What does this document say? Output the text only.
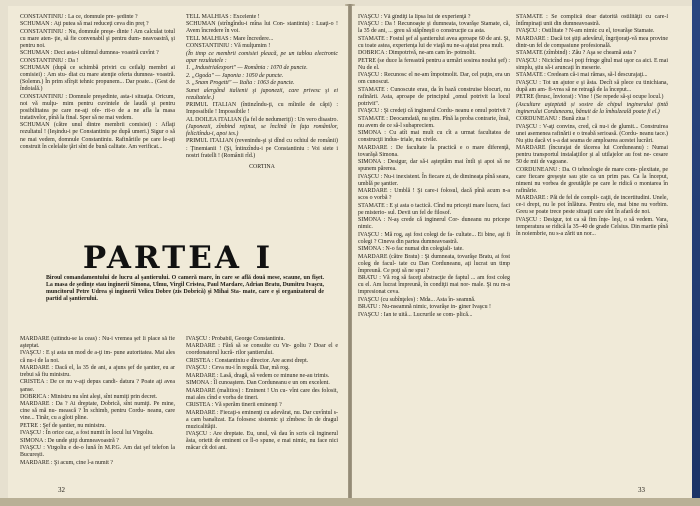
CONSTANTINIU : La ce, domnule pre- şedinte ?

SCHUMAN : Aţi putea să mai reduceţi ceva din preţ ?

CONSTANTINIU : Nu, domnule preşe- dinte ! Am calculat totul cu mare aten- ţie, să fie convenabil şi pentru dum- neavoastră, şi pentru noi.

SCHUMAN : Deci asta-i ultimul dumnea- voastră cuvînt ?

CONSTANTINIU : Da !

SCHUMAN (după ce schimbă priviri cu ceilalţi membri ai comisiei) : Am stu- diat cu mare atenţie oferta dumnea- voastră. (Solemn.) În prim sfîrşit tehnic propunem... Dar poate... (Gest de îndoială.)

CONSTANTINIU : Domnule preşedinte, asta-i situaţia. Oricum, noi vă mulţu- mim pentru cuvintele de laudă şi pentru posibilitatea pe care ne-aţi ofe- rit-o de a ne afla la masa tratativelor, pînă la final. Sper să ne mai vedem.

SCHUMAN (către unul dintre membrii comisiei) : Aflaţi rezultatul ! (Ieşindu-i pe Constantiniu pe după umeri.) Sigur o să ne mai vedem, domnule Constantiniu. Rafinăriile pe care le-aţi construit în celelalte ţări sînt de bună calitate. Am verificat...

TELL MALHIAS : Excelente !

SCHUMAN (strîngîndu-i mîna lui Con- stantiniu) : Luaţi-o ! Avem încredere în voi.

TELL MALHIAS : Mare încredere...

CONSTANTINIU : Vă mulţumim !

(În timp ce membrii comisiei pleacă, pe un tablou electronic apar rezultatele :

1. „Industrialexport" — România : 1070 de puncte.

2. „Ogoda" — Japonia : 1050 de puncte.

3. „Snam Progetti" — Italia : 1063 de puncte.

Sunet alergând italienii şi japonezii, care privesc şi ei rezultatele.)

PRIMUL ITALIAN (întinzîndu-ţi, cu mîinile de căpi) : Impossibile ! Impossibile !

AL DOILEA ITALIAN (la fel de nedumeriţi) : Un vero disastro.

(Japonezii, zîmbind reţinut, se înclină în faţa românilor, felicitîndu-i, apoi ies.)

PRIMUL ITALIAN (revenindu-şi şi dînd cu ochiul de românii) : Ţinemianii ! (Şi, întinzîndu-i pe Constantiniu : Voi siete i nostri fratelli ! (Românii rîd.)

CORTINA

PARTEA I
Biroul comandamentului de lucru al şantierului. O cameră mare, în care se află două mese, scaune, un fişet. La masa de şedinţe stau inginerii Simona, Ulmu, Virgil Cristea, Paul Mardare, Adrian Bratu, Dumitru Ivaşcu, muncitorul Petre Udrea şi inginerii Velicu Dobre (zis Dobricǎ) şi Mihai Sta- mate, care e şi organizatorul de partid al şantierului.

MARDARE (uitîndu-se la ceas) : Nu-i vremea şef li place să fie aşteptat.

IVAŞCU : E şi asta un mod de a-ţi im- pune autoritatea. Mai ales că nu-i de la noi.

MARDARE : Dacă el, la 35 de ani, a ajuns şef de şantier, eu ar trebui să fiu ministru.

CRISTEA : De ce nu v-aţi depus candi- datura ? Poate aţi avea şanse.

DOBRICA : Ministru nu sînt aleşi, sînt numiţi prin decret.

MARDARE : Da ? Ai dreptate, Dobrică, sînt numiţi. Pe mine, cine să mă nu- mească ? În schimb, pentru Cordu- neanu, care vine... Tinăr, cu a gloti pline.

PETRE : Şef de şantier, nu ministru.

IVAŞCU : În orice caz, a fost numit în locul lui Virgoliu.

SIMONA : De unde ştiţi dumneavoastră ?

IVAŞCU : Virgoliu e de-o lună în M.P.G. Am dat şef telefon la Bucureşti.

MARDARE : Şi acum, cine l-a numit ?

IVAŞCU : Probabil, George Constantiniu.

MARDARE : Fără să se consulte cu Vir- goliu ? Doar el e coordonatorul lucră- rilor şantierului.

CRISTEA : Constantiniu e director. Are acest drept.

IVAŞCU : Ceva nu-i în regulă. Dar, mă rog.

MARDARE : Lasă, dragă, să vedem ce minune ne-au trimis.

SIMONA : Îl cunoaştem. Dan Corduneanu e un om excelent.

MARDARE (malitios) : Eminent ! Un cu- vînt care des folosit, mai ales cînd e vorba de tineri.

CRISTEA : Vă sperăm tinerii eminenţi ?

MARDARE : Fiecaţi-s eminenţi cu adevărat, nu. Dar cuvîntul s-a cam banalizat. Ea folosesc sistemic şi zîmbesc în de dragul muzicalităţii.

IVAŞCU : Are dreptate. Eu, unul, vă dau în scris că inginerul ăsta, orietit de eminent ce îl-o spune, e mai nimic, nu face nici măcar cît doi ani.

32

IVAŞCU : Vă gîndiţi la lipsa lui de experienţă ?

IVAŞCU : Da ! Recunoaşte şi dumneata, tovarăşe Stamate, că, la 35 de ani, ... greu să stăpîneşti o construcţie ca asta.

STAMATE : Fostul şef al şantierului avea aproape 60 de ani. Şi, cu toate astea, experienţa lui de viaţă nu ne-a ajutat prea mult.

DOBRICA : Dimpotrivă, ne-am cam în- potmolit.

PETRE (se duce la fereastră pentru a urmări sosirea noului şef) : Nu de el.

IVAŞCU : Recunosc el ne-am împotmolit. Dar, cel puţin, era un om cunoscut.

STAMATE : Cunoscute erau, da în bază construise blocuri, nu rafinării. Asta, aproape de principiul „omul potrivit la locul potrivit".

IVAŞCU : Şi credeţi că inginerul Cordu- neanu e omul potrivit ?

STAMATE : Deocamdată, nu ştim. Pînă la proba contrarie, însă, nu avem de ce să-l subapreciem.

SIMONA : Cu atît mai mult cu cît a urmat facultatea de construcţii indus- triale, nu civile.

MARDARE : De facultate la practică e o mare diferenţă, tovarăşă Simona.

SIMONA : Desigur, dar să-i aşteptăm mai întîi şi apoi să ne spunem părerea.

IVAŞCU : Nu-i inexistent. În fiecare zi, de dimineaţa pînă seara, umblă pe şantier.

MARDARE : Umblă ! Şi care-i folosul, dacă pînă acum n-a scos o vorbă ?

STAMATE : E şi asta o tactică. Cînd nu priceşti mare lucru, faci pe misterio- sul. Devii un fel de filosof.

SIMONA : N-aş crede că inginerul Cor- duneanu nu pricepe nimic.

IVAŞCU : Mă rog, aşi fost colegi de fa- cultate... Ei bine, aşi fi colegi ? Cineva din partea dumneavoastră.

SIMONA : N-o fac numai din colegiali- tate.

MARDARE (către Bratu) : Şi dumneata, tovarăşe Bratu, ai fost coleg de facul- tate cu Dan Corduneanu, aţi lucrat un timp împreună. Ce poţi să ne spui ?

BRATU : Vă rog să faceţi abstracţie de faptul ... am fost coleg cu el. Am lucrat împreună, în condiţii mai nor- male. Şi nu m-a impresionat ceva.

IVAŞCU (cu subînţeles) : Mda... Asta în- seamnă.

BRATU : Nu-nseamnă nimic, tovarăşe in- giner Ivaşcu !

IVAŞCU : Ian te uită... Lucrurile se com- plică...

STAMATE : Se complică doar datorită ostilităţii cu care-l întîmpinaţi unii din dumneavoastră.

IVAŞCU : Ostilitate ? N-am nimic cu el, tovarăşe Stamate.

MARDARE : Dacă tot ştiţi adevărul, îngrijoraţi-vă mea provine dintr-un fel de compasiune profesională.

STAMATE (zîmbind) : Zău ? Aşa se cheamă asta ?

IVAŞCU : Nicicînd nu-i poţi fringe gîtul mai uşor ca aici. E mai simplu, ştiu să-i aruncaţi în meserie.

STAMATE : Credeam că-i mai rămas, să-l descurajaţi...

IVAŞCU : Tot un ajutor e şi ăsta. Decît să plece cu tinichiana, după am am- fi-vrea să ne retragă de la început...

PETRE (brusc, înviorat) : Vine ! (Se repede să-şi ocupe locul.)

(Ascultare aşteptată și sosire de chipul inginerului ţintă inginerului Corduneanu, bănuit de la îmbulzeală poate fi el.)

CORDUNEANU : Bună ziua !

IVAŞCU : V-aţi convins, cred, că nu-i de glumit... Construirea unei asemenea rafinării e o treabă serioasă. (Cordu- neanu tace.) Nu ştiu dacă vi s-a dat seama de amploarea acestei lucrări.

MARDARE (încurajat de tăcerea lui Corduneanu) : Numai pentru transportul instalaţiilor şi al utilajelor au fost ne- cesare 50 de mii de vagoane.

CORDUNEANU : Da. O tehnologie de mare com- plexitate, pe care fiecare greşeşte sau ştie ca un prim pas. Ca la început, nimeni nu vorbea de greutăţile pe care le ridică o montarea în rafinărie.

MARDARE : Păi de fel de compli- caţii, de incertitudini. Unele, ce-i drept, nu le pot înlătura. Pentru ele, mai bine nu vorbim. Greu se poate trece peste situaţii care sînt în afară de noi.

IVAŞCU : Desigur, tot ca să fim înţe- leşi, o să vedem. Vara, temperatura se ridică la 35–40 de grade Celsius. Din martie pînă în noiembrie, nu s-a zărit un nor...

33
